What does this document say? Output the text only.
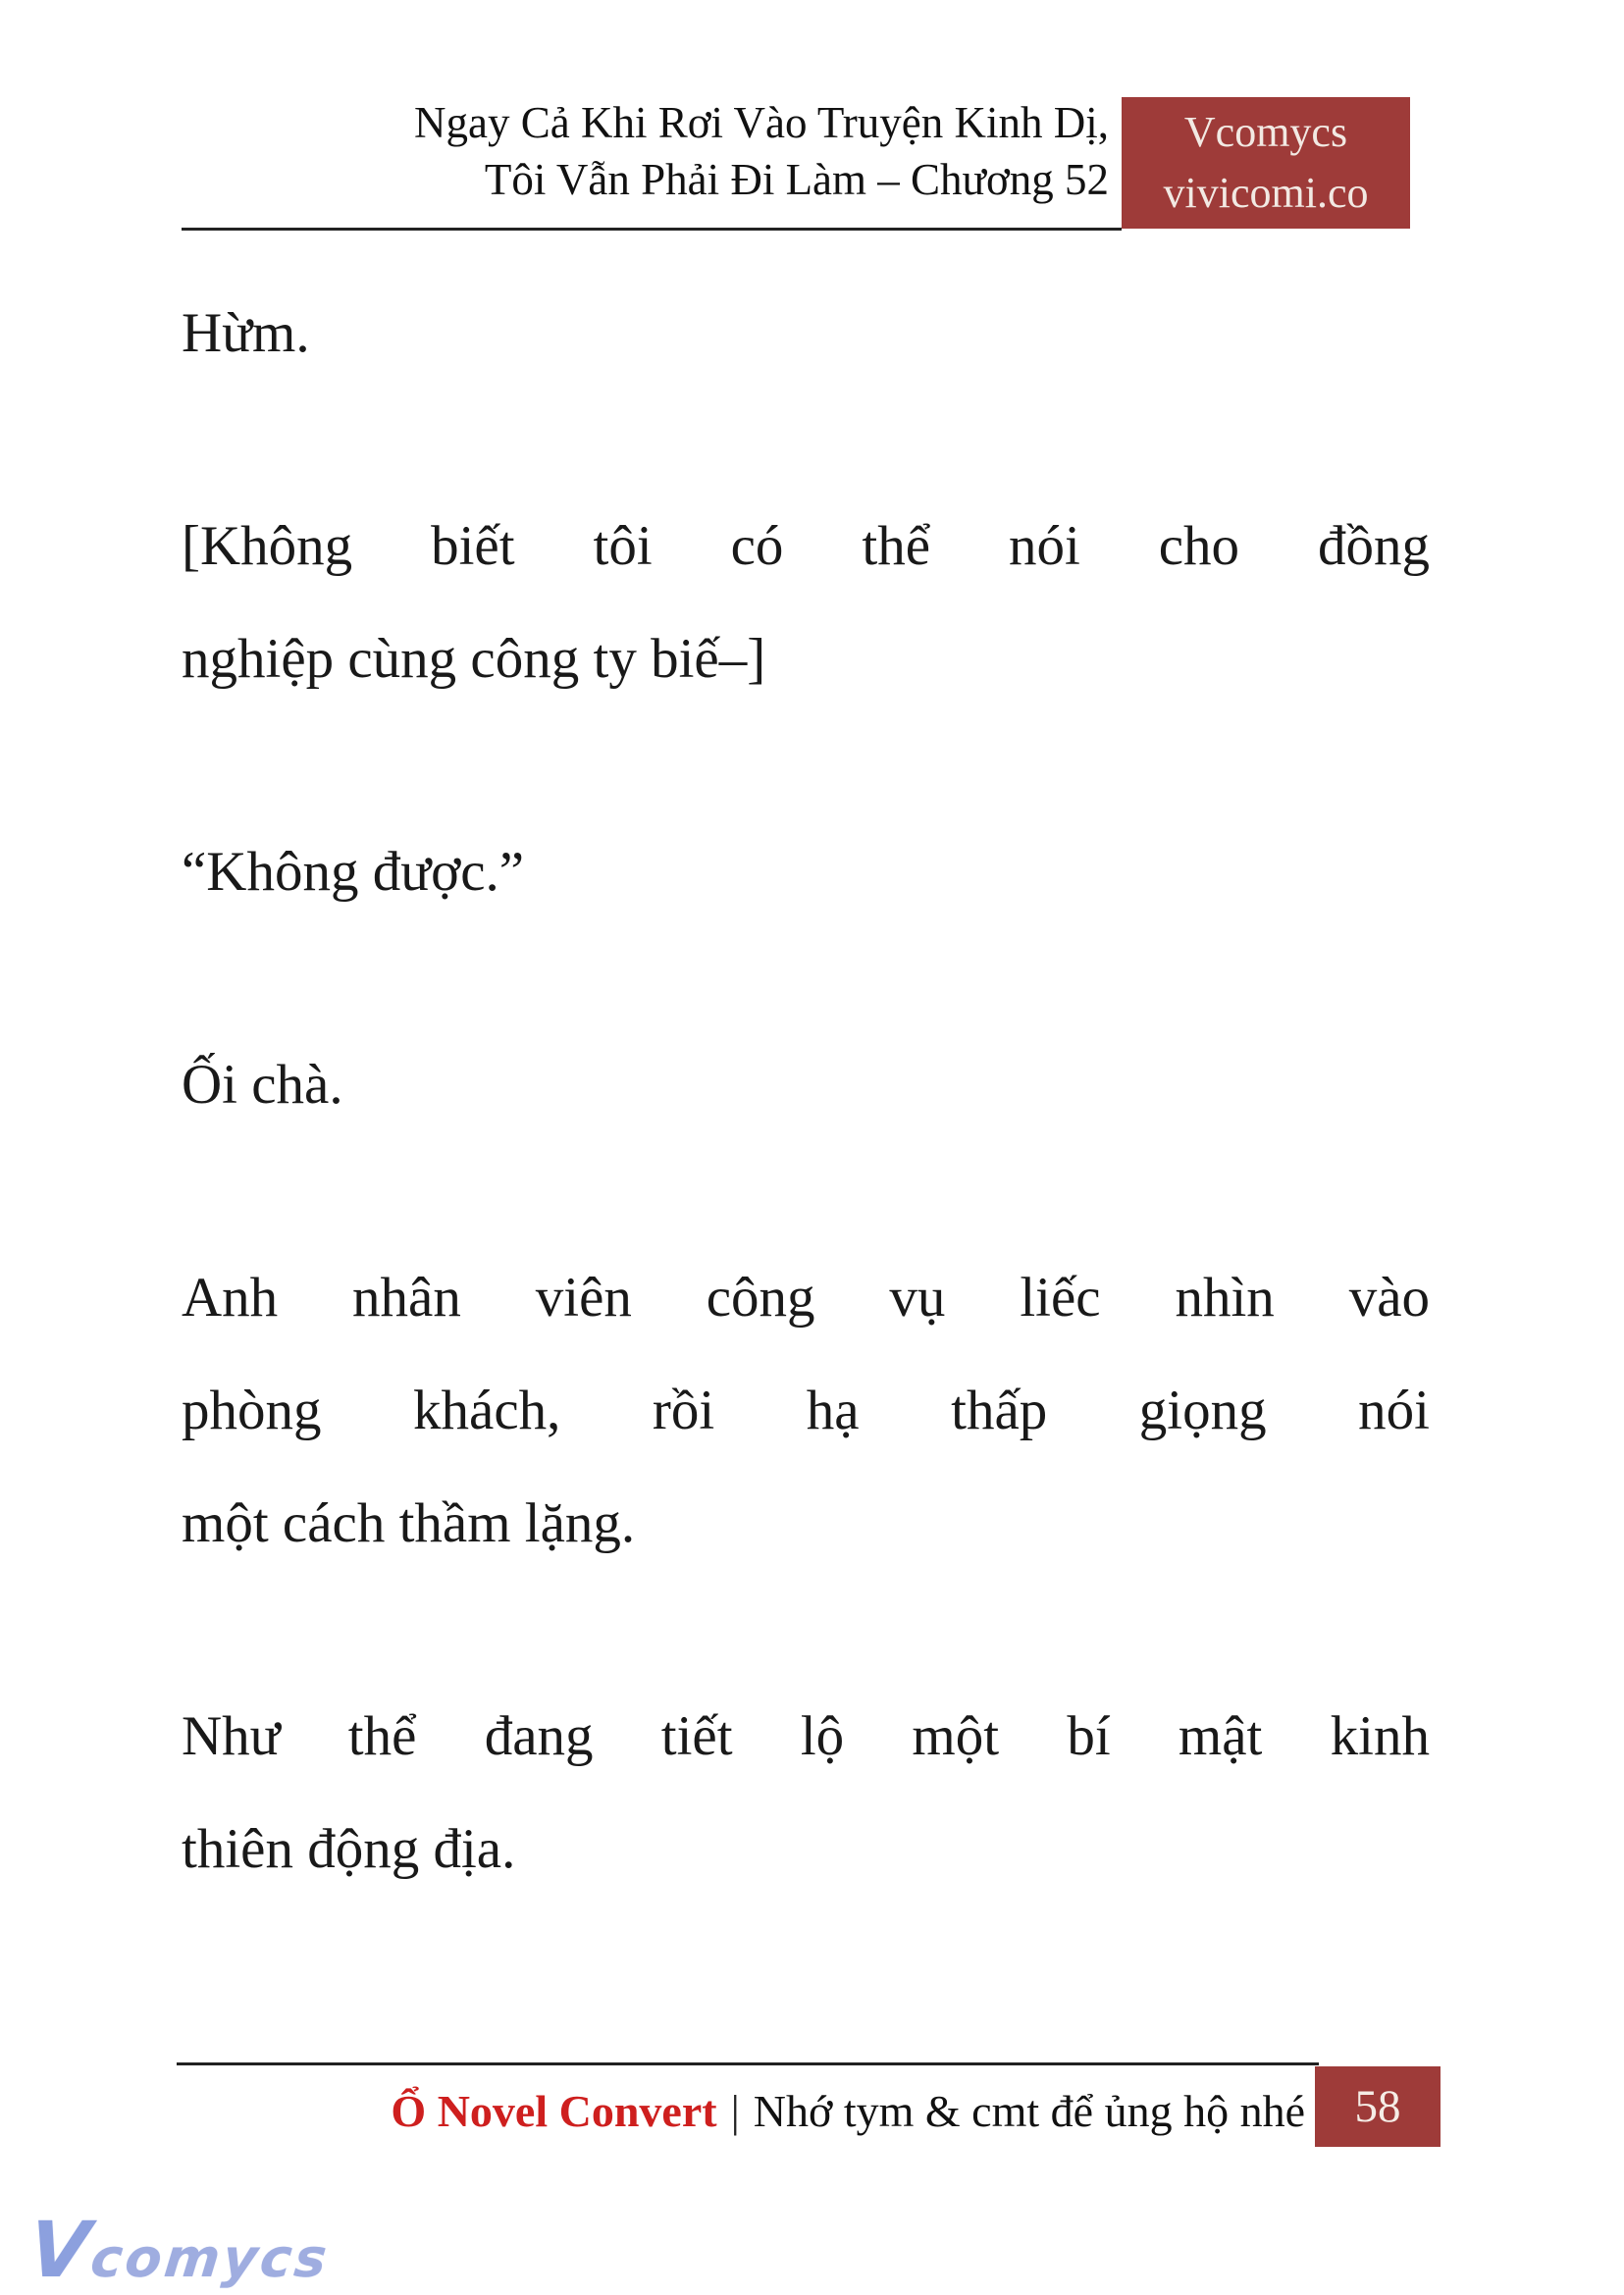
Ngay Cả Khi Rơi Vào Truyện Kinh Dị,
Tôi Vẫn Phải Đi Làm – Chương 52
Vcomycs
vivicomi.co
Hừm.
[Không biết tôi có thể nói cho đồng
nghiệp cùng công ty biế–]
“Không được.”
Ối chà.
Anh nhân viên công vụ liếc nhìn vào
phòng khách, rồi hạ thấp giọng nói
một cách thầm lặng.
Như thể đang tiết lộ một bí mật kinh
thiên động địa.
Ổ Novel Convert | Nhớ tym & cmt để ủng hộ nhé	58
Vcomycs
